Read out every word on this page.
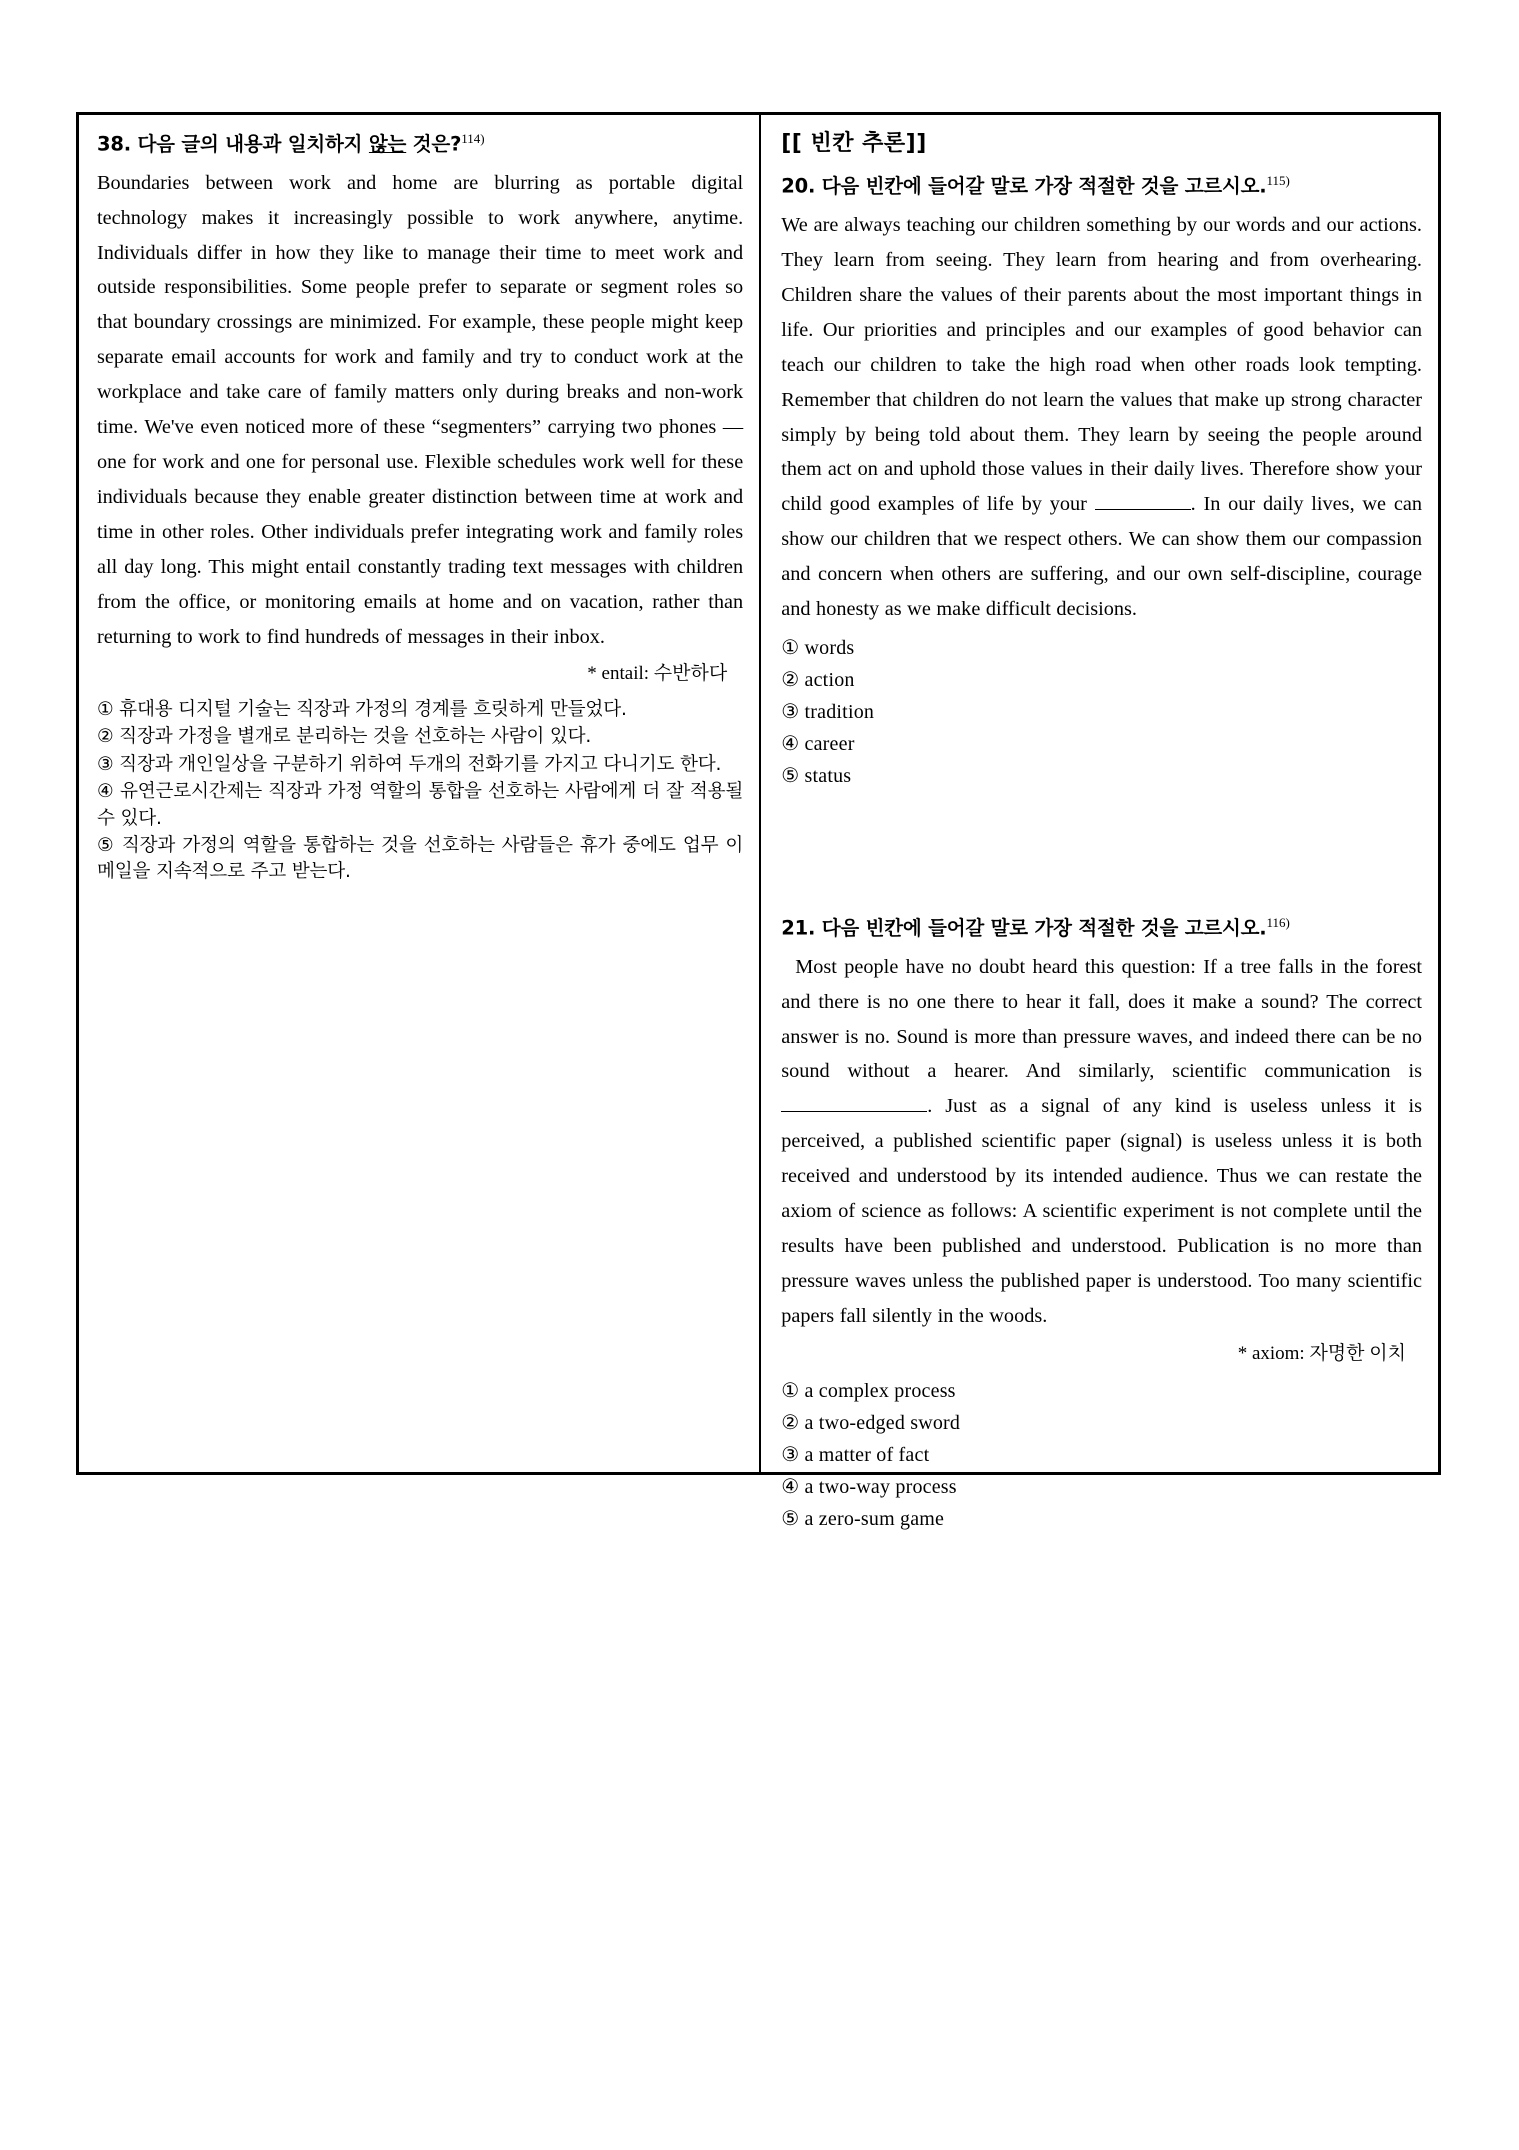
38. 다음 글의 내용과 일치하지 않는 것은?$^{114)}$

Boundaries between work and home are blurring as portable digital technology makes it increasingly possible to work anywhere, anytime. Individuals differ in how they like to manage their time to meet work and outside responsibilities. Some people prefer to separate or segment roles so that boundary crossings are minimized. For example, these people might keep separate email accounts for work and family and try to conduct work at the workplace and take care of family matters only during breaks and non-work time. We've even noticed more of these “segmenters” carrying two phones ― one for work and one for personal use. Flexible schedules work well for these individuals because they enable greater distinction between time at work and time in other roles. Other individuals prefer integrating work and family roles all day long. This might entail constantly trading text messages with children from the office, or monitoring emails at home and on vacation, rather than returning to work to find hundreds of messages in their inbox.

* entail: 수반하다
① 휴대용 디지털 기술는 직장과 가정의 경계를 흐릿하게 만들었다.
② 직장과 가정을 별개로 분리하는 것을 선호하는 사람이 있다.
③ 직장과 개인일상을 구분하기 위하여 두개의 전화기를 가지고 다니기도 한다.
④ 유연근로시간제는 직장과 가정 역할의 통합을 선호하는 사람에게 더 잘 적용될 수 있다.
⑤ 직장과 가정의 역할을 통합하는 것을 선호하는 사람들은 휴가 중에도 업무 이메일을 지속적으로 주고 받는다.
[[ 빈칸 추론]]
20. 다음 빈칸에 들어갈 말로 가장 적절한 것을 고르시오.$^{115)}$

We are always teaching our children something by our words and our actions. They learn from seeing. They learn from hearing and from overhearing. Children share the values of their parents about the most important things in life. Our priorities and principles and our examples of good behavior can teach our children to take the high road when other roads look tempting. Remember that children do not learn the values that make up strong character simply by being told about them. They learn by seeing the people around them act on and uphold those values in their daily lives. Therefore show your child good examples of life by your	. In our daily lives, we can show our children that we respect others. We can show them our compassion and concern when others are suffering, and our own self-discipline, courage and honesty as we make difficult decisions.

① words
② action
③ tradition
④ career
⑤ status
21. 다음 빈칸에 들어갈 말로 가장 적절한 것을 고르시오.$^{116)}$

Most people have no doubt heard this question: If a tree falls in the forest and there is no one there to hear it fall, does it make a sound? The correct answer is no. Sound is more than pressure waves, and indeed there can be no sound without a hearer. And similarly, scientific communication is . Just as a signal of any kind is useless unless it is perceived, a published scientific paper (signal) is useless unless it is both received and understood by its intended audience. Thus we can restate the axiom of science as follows: A scientific experiment is not complete until the results have been published and understood. Publication is no more than pressure waves unless the published paper is understood. Too many scientific papers fall silently in the woods.

* axiom: 자명한 이치
① a complex process
② a two-edged sword
③ a matter of fact
④ a two-way process
⑤ a zero-sum game
